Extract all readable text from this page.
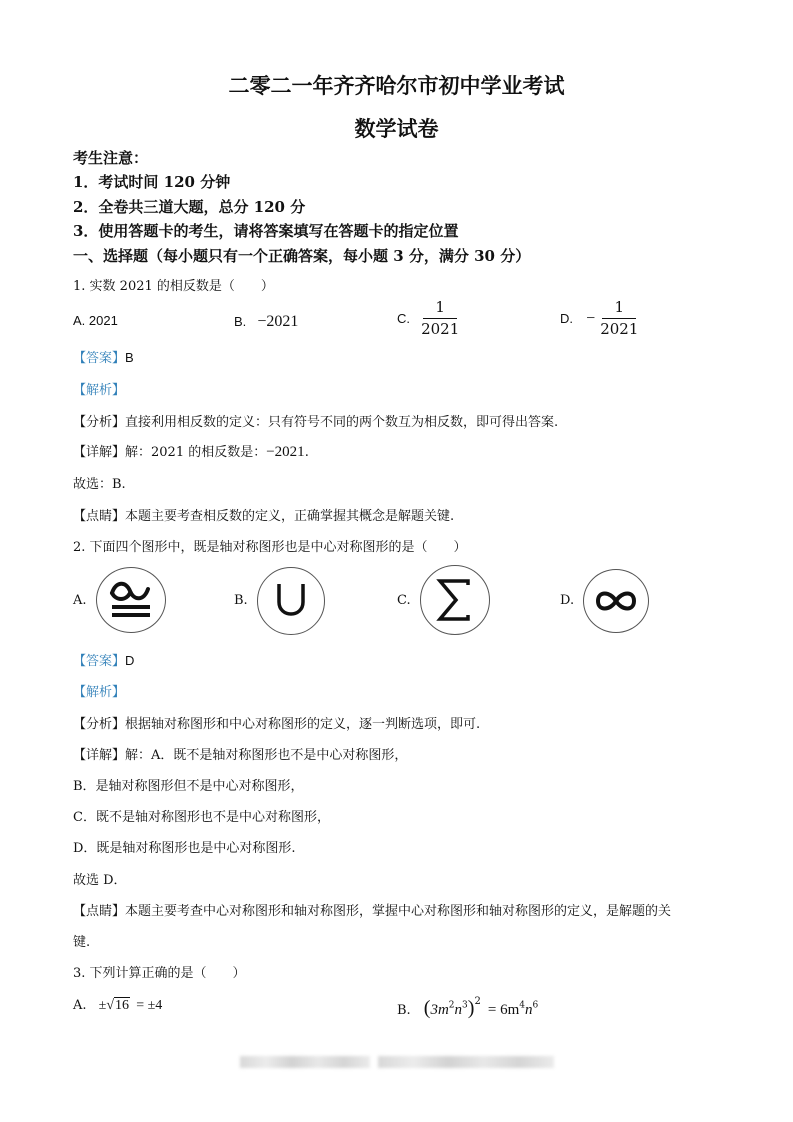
二零二一年齐齐哈尔市初中学业考试
数学试卷
考生注意：
1．考试时间 120 分钟
2．全卷共三道大题，总分 120 分
3．使用答题卡的考生，请将答案填写在答题卡的指定位置
一、选择题（每小题只有一个正确答案，每小题 3 分，满分 30 分）
1. 实数 2021 的相反数是（　　）
A. 2021	B. −2021	C. $\frac{1}{2021}$	D. − $\frac{1}{2021}$
【答案】B
【解析】
【分析】直接利用相反数的定义：只有符号不同的两个数互为相反数，即可得出答案.
【详解】解：2021 的相反数是：−2021.
故选：B.
【点睛】本题主要考查相反数的定义，正确掌握其概念是解题关键.
2. 下面四个图形中，既是轴对称图形也是中心对称图形的是（　　）
A.	B.	C.	D.
【答案】D
【解析】
【分析】根据轴对称图形和中心对称图形的定义，逐一判断选项，即可.
【详解】解：A．既不是轴对称图形也不是中心对称图形，
B．是轴对称图形但不是中心对称图形，
C．既不是轴对称图形也不是中心对称图形，
D．既是轴对称图形也是中心对称图形.
故选 D．
【点睛】本题主要考查中心对称图形和轴对称图形，掌握中心对称图形和轴对称图形的定义，是解题的关
键.
3. 下列计算正确的是（　　）
A. ±√16 = ±4	B. $(3m^2n^3)^2 = 6m^4n^6$
